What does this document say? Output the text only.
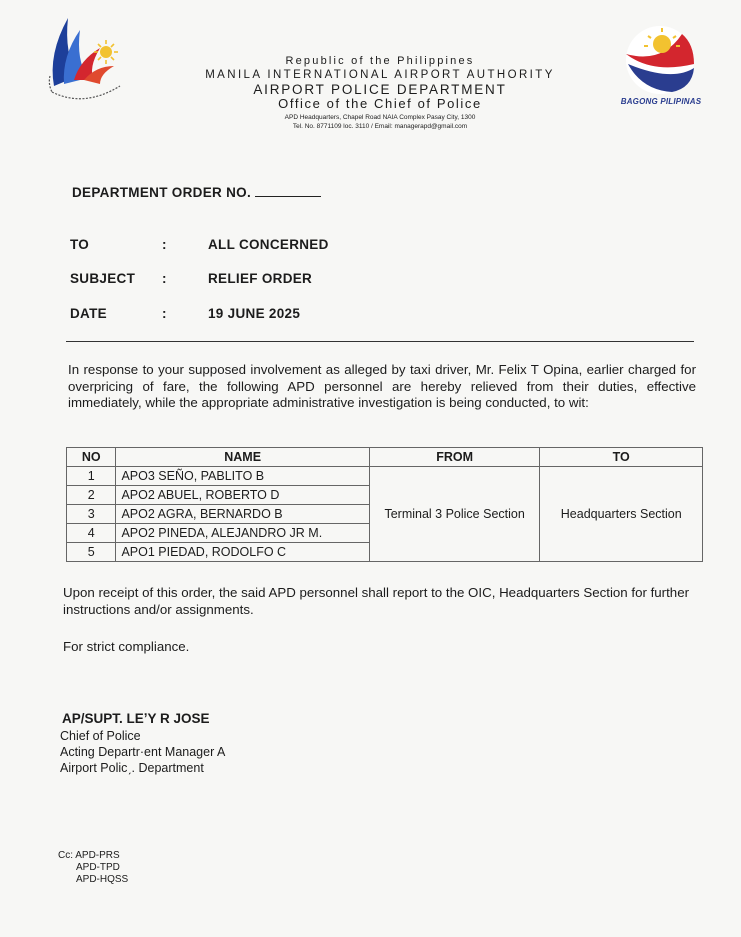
Republic of the Philippines
MANILA INTERNATIONAL AIRPORT AUTHORITY
AIRPORT POLICE DEPARTMENT
Office of the Chief of Police
APD Headquarters, Chapel Road NAIA Complex Pasay City, 1300
Tel. No. 8771109 loc. 3110 / Email: managerapd@gmail.com
BAGONG PILIPINAS
DEPARTMENT ORDER NO.
TO	:	ALL CONCERNED
SUBJECT :	RELIEF ORDER
DATE	:	19 JUNE 2025
In response to your supposed involvement as alleged by taxi driver, Mr. Felix T Opina, earlier charged for overpricing of fare, the following APD personnel are hereby relieved from their duties, effective immediately, while the appropriate administrative investigation is being conducted, to wit:
NO	NAME	FROM	TO
1	APO3 SEÑO, PABLITO B	Terminal 3 Police Section	Headquarters Section
2	APO2 ABUEL, ROBERTO D		
3	APO2 AGRA, BERNARDO B		
4	APO2 PINEDA, ALEJANDRO JR M.		
5	APO1 PIEDAD, RODOLFO C		
Upon receipt of this order, the said APD personnel shall report to the OIC, Headquarters Section for further instructions and/or assignments.
For strict compliance.
AP/SUPT. LEʼY R JOSE
Chief of Police
Acting Departr·ent Manager A
Airport Policˏ. Department
Cc: APD-PRS
APD-TPD
APD-HQSS
